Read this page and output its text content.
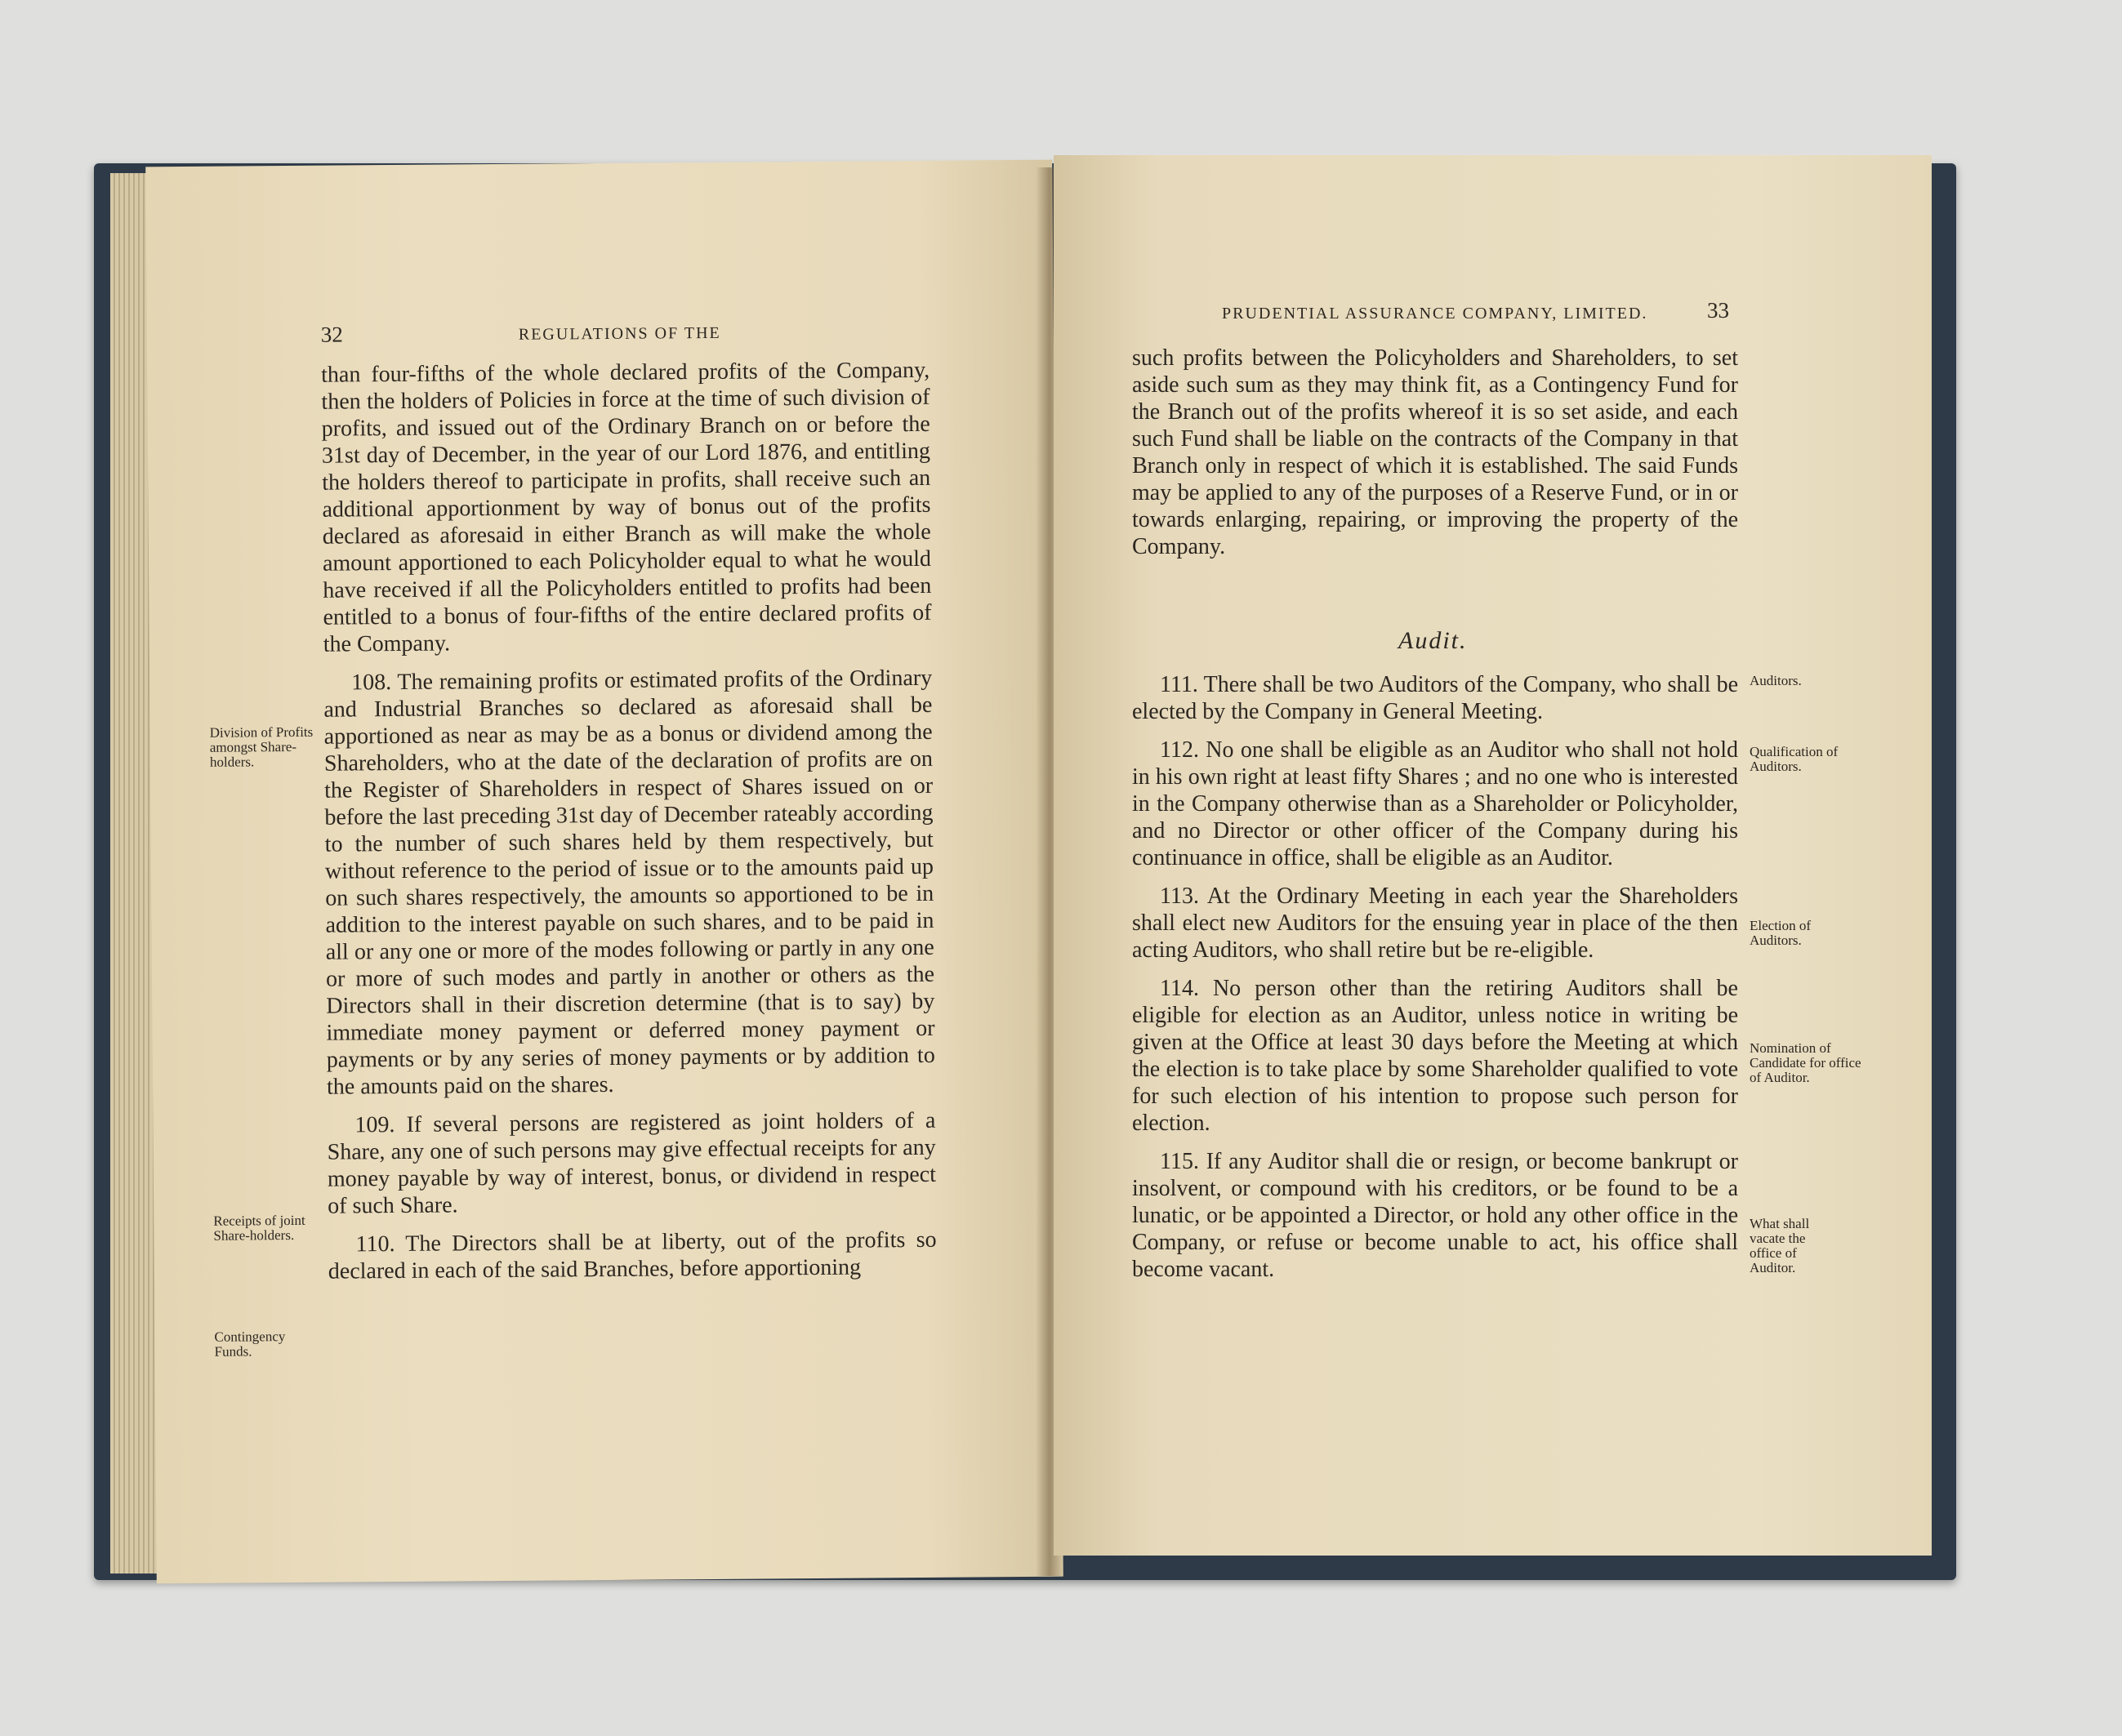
32	REGULATIONS OF THE

than four-fifths of the whole declared profits of the Company, then the holders of Policies in force at the time of such division of profits, and issued out of the Ordinary Branch on or before the 31st day of December, in the year of our Lord 1876, and entitling the holders thereof to participate in profits, shall receive such an additional apportionment by way of bonus out of the profits declared as aforesaid in either Branch as will make the whole amount apportioned to each Policyholder equal to what he would have received if all the Policyholders entitled to profits had been entitled to a bonus of four-fifths of the entire declared profits of the Company.

108. The remaining profits or estimated profits of the Ordinary and Industrial Branches so declared as aforesaid shall be apportioned as near as may be as a bonus or dividend among the Shareholders, who at the date of the declaration of profits are on the Register of Shareholders in respect of Shares issued on or before the last preceding 31st day of December rateably according to the number of such shares held by them respectively, but without reference to the period of issue or to the amounts paid up on such shares respectively, the amounts so apportioned to be in addition to the interest payable on such shares, and to be paid in all or any one or more of the modes following or partly in any one or more of such modes and partly in another or others as the Directors shall in their discretion determine (that is to say) by immediate money payment or deferred money payment or payments or by any series of money payments or by addition to the amounts paid on the shares.

109. If several persons are registered as joint holders of a Share, any one of such persons may give effectual receipts for any money payable by way of interest, bonus, or dividend in respect of such Share.

110. The Directors shall be at liberty, out of the profits so declared in each of the said Branches, before apportioning

Division of Profits amongst Share-holders.
Receipts of joint Share-holders.
Contingency Funds.
PRUDENTIAL ASSURANCE COMPANY, LIMITED.	33

such profits between the Policyholders and Shareholders, to set aside such sum as they may think fit, as a Contingency Fund for the Branch out of the profits whereof it is so set aside, and each such Fund shall be liable on the contracts of the Company in that Branch only in respect of which it is established. The said Funds may be applied to any of the purposes of a Reserve Fund, or in or towards enlarging, repairing, or improving the property of the Company.

Audit.

111. There shall be two Auditors of the Company, who shall be elected by the Company in General Meeting.

112. No one shall be eligible as an Auditor who shall not hold in his own right at least fifty Shares ; and no one who is interested in the Company otherwise than as a Shareholder or Policyholder, and no Director or other officer of the Company during his continuance in office, shall be eligible as an Auditor.

113. At the Ordinary Meeting in each year the Shareholders shall elect new Auditors for the ensuing year in place of the then acting Auditors, who shall retire but be re-eligible.

114. No person other than the retiring Auditors shall be eligible for election as an Auditor, unless notice in writing be given at the Office at least 30 days before the Meeting at which the election is to take place by some Shareholder qualified to vote for such election of his intention to propose such person for election.

115. If any Auditor shall die or resign, or become bankrupt or insolvent, or compound with his creditors, or be found to be a lunatic, or be appointed a Director, or hold any other office in the Company, or refuse or become unable to act, his office shall become vacant.

Auditors.
Qualification of Auditors.
Election of Auditors.
Nomination of Candidate for office of Auditor.
What shall vacate the office of Auditor.
